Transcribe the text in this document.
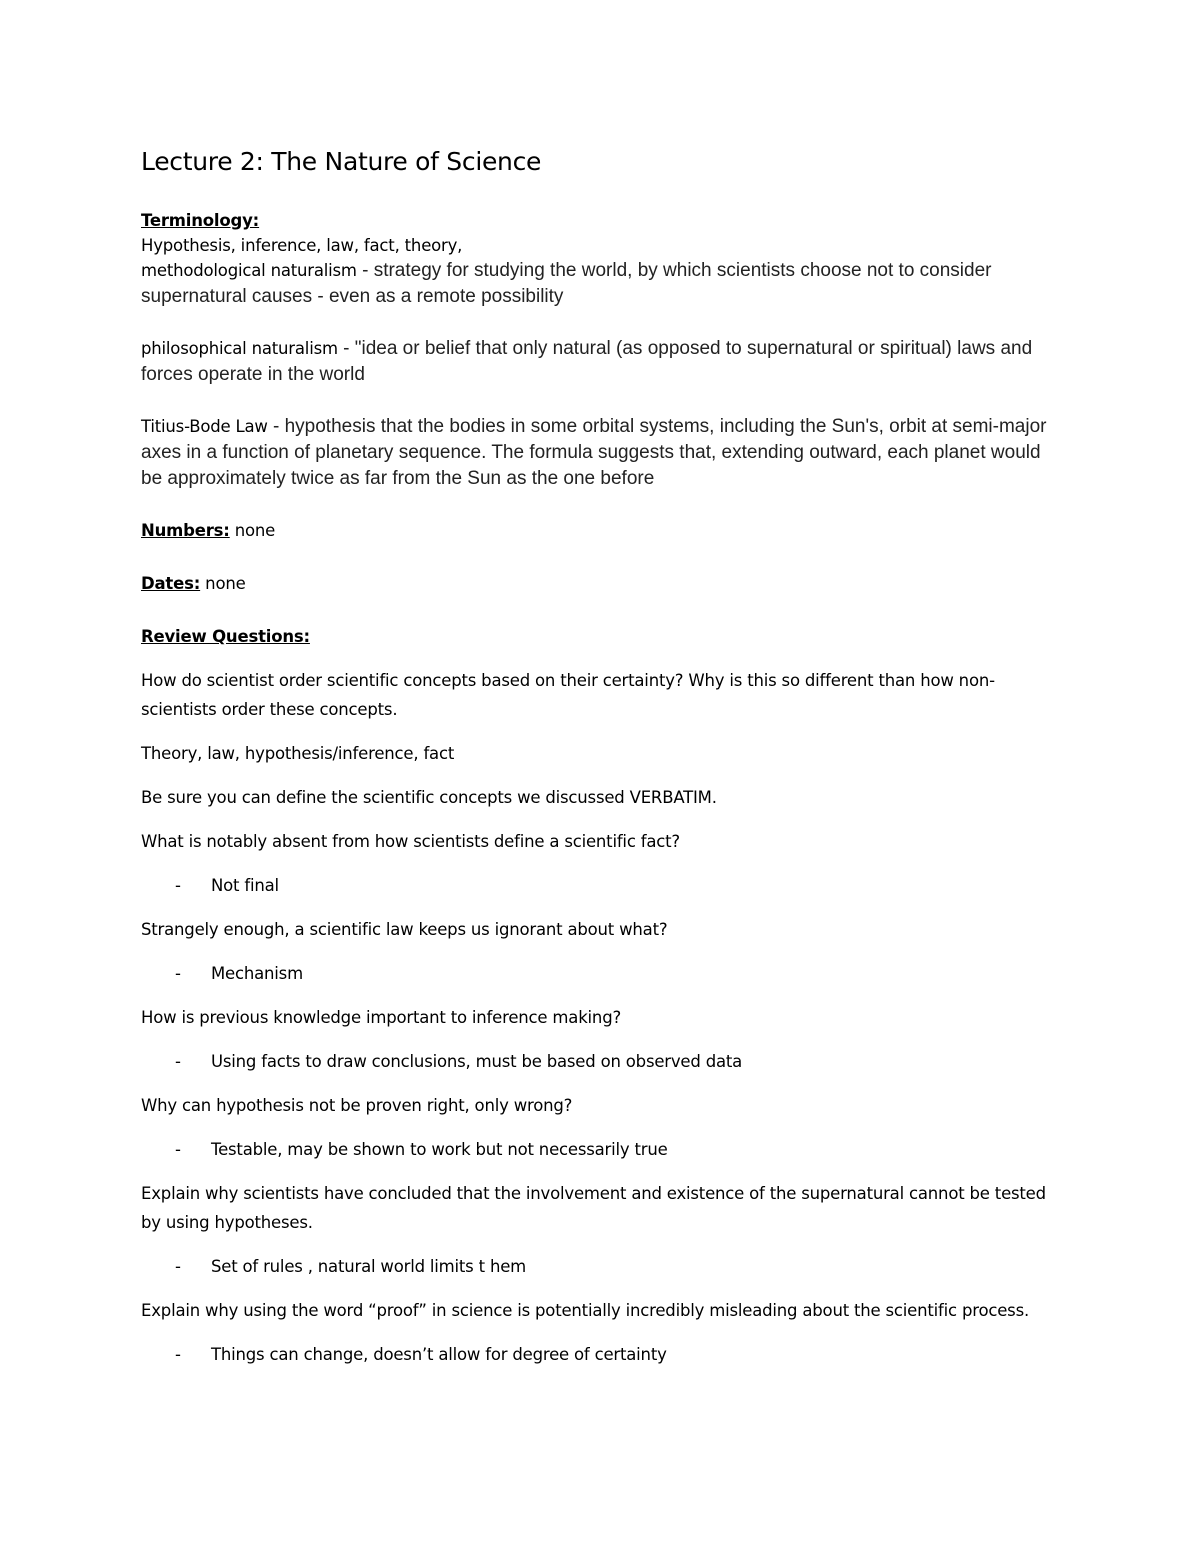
Lecture 2: The Nature of Science
Terminology:
Hypothesis, inference, law, fact, theory,
methodological naturalism - strategy for studying the world, by which scientists choose not to consider supernatural causes - even as a remote possibility
philosophical naturalism - "idea or belief that only natural (as opposed to supernatural or spiritual) laws and forces operate in the world
Titius-Bode Law - hypothesis that the bodies in some orbital systems, including the Sun's, orbit at semi-major axes in a function of planetary sequence. The formula suggests that, extending outward, each planet would be approximately twice as far from the Sun as the one before
Numbers: none
Dates: none
Review Questions:

How do scientist order scientific concepts based on their certainty? Why is this so different than how non-scientists order these concepts.

Theory, law, hypothesis/inference, fact

Be sure you can define the scientific concepts we discussed VERBATIM.

What is notably absent from how scientists define a scientific fact?

-	Not final

Strangely enough, a scientific law keeps us ignorant about what?

-	Mechanism

How is previous knowledge important to inference making?

-	Using facts to draw conclusions, must be based on observed data

Why can hypothesis not be proven right, only wrong?

-	Testable, may be shown to work but not necessarily true

Explain why scientists have concluded that the involvement and existence of the supernatural cannot be tested by using hypotheses.

-	Set of rules , natural world limits t hem

Explain why using the word “proof” in science is potentially incredibly misleading about the scientific process.

-	Things can change, doesn’t allow for degree of certainty
